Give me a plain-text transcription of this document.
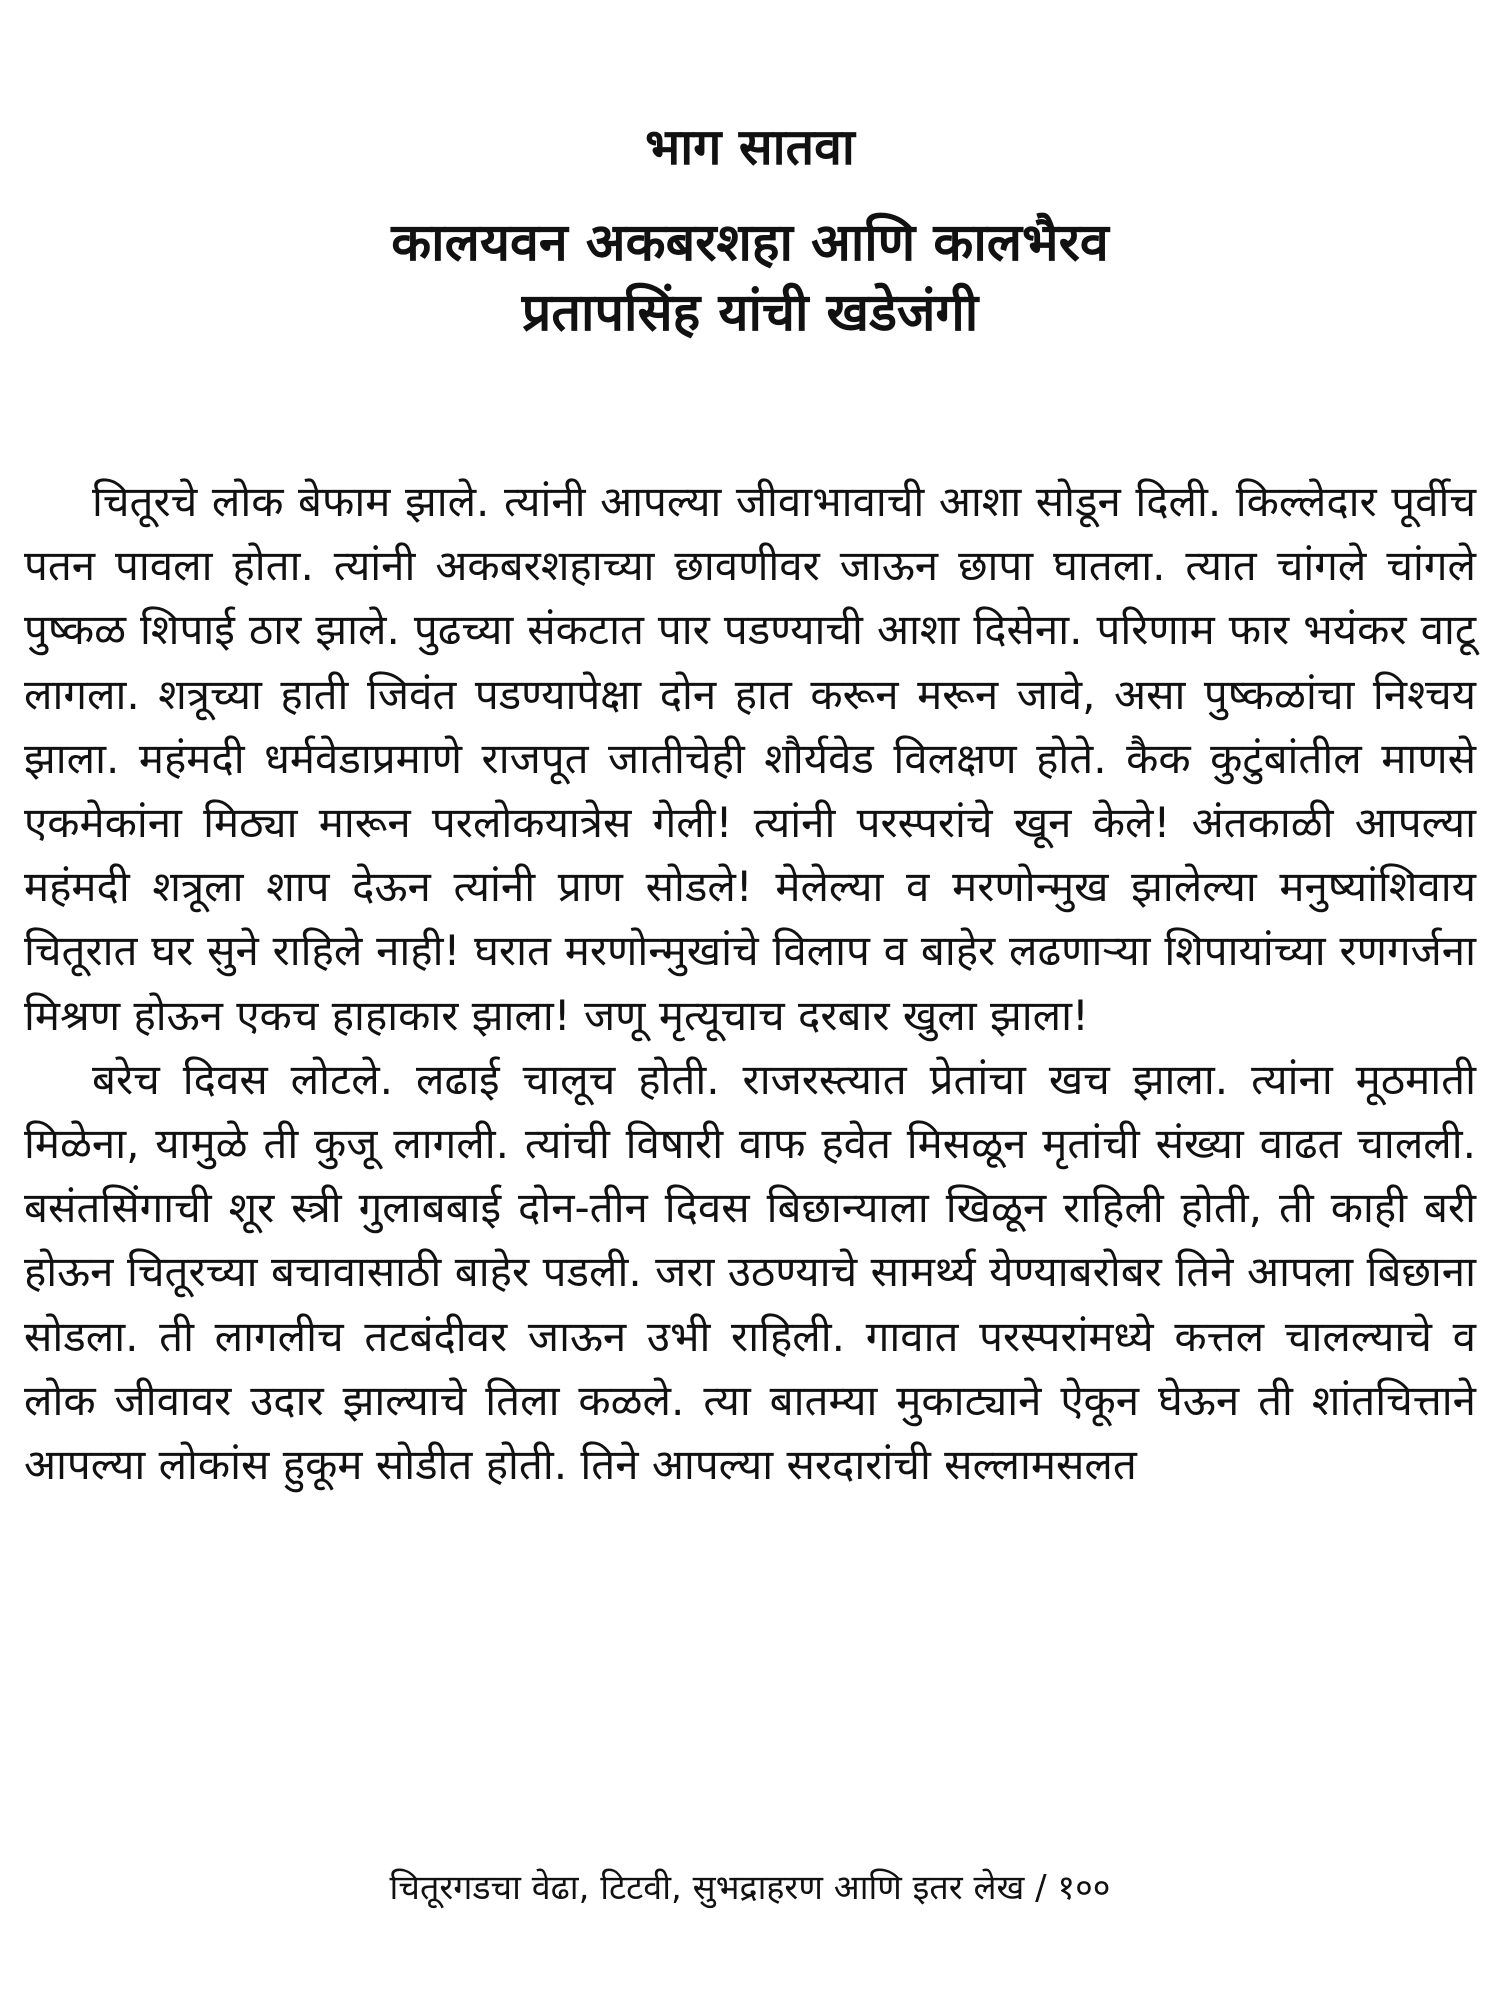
भाग सातवा
कालयवन अकबरशहा आणि कालभैरव
प्रतापसिंह यांची खडेजंगी

चितूरचे लोक बेफाम झाले. त्यांनी आपल्या जीवाभावाची आशा सोडून दिली. किल्लेदार पूर्वीच पतन पावला होता. त्यांनी अकबरशहाच्या छावणीवर जाऊन छापा घातला. त्यात चांगले चांगले पुष्कळ शिपाई ठार झाले. पुढच्या संकटात पार पडण्याची आशा दिसेना. परिणाम फार भयंकर वाटू लागला. शत्रूच्या हाती जिवंत पडण्यापेक्षा दोन हात करून मरून जावे, असा पुष्कळांचा निश्चय झाला. महंमदी धर्मवेडाप्रमाणे राजपूत जातीचेही शौर्यवेड विलक्षण होते. कैक कुटुंबांतील माणसे एकमेकांना मिठ्या मारून परलोकयात्रेस गेली! त्यांनी परस्परांचे खून केले! अंतकाळी आपल्या महंमदी शत्रूला शाप देऊन त्यांनी प्राण सोडले! मेलेल्या व मरणोन्मुख झालेल्या मनुष्यांशिवाय चितूरात घर सुने राहिले नाही! घरात मरणोन्मुखांचे विलाप व बाहेर लढणाऱ्या शिपायांच्या रणगर्जना मिश्रण होऊन एकच हाहाकार झाला! जणू मृत्यूचाच दरबार खुला झाला!

बरेच दिवस लोटले. लढाई चालूच होती. राजरस्त्यात प्रेतांचा खच झाला. त्यांना मूठमाती मिळेना, यामुळे ती कुजू लागली. त्यांची विषारी वाफ हवेत मिसळून मृतांची संख्या वाढत चालली. बसंतसिंगाची शूर स्त्री गुलाबबाई दोन-तीन दिवस बिछान्याला खिळून राहिली होती, ती काही बरी होऊन चितूरच्या बचावासाठी बाहेर पडली. जरा उठण्याचे सामर्थ्य येण्याबरोबर तिने आपला बिछाना सोडला. ती लागलीच तटबंदीवर जाऊन उभी राहिली. गावात परस्परांमध्ये कत्तल चालल्याचे व लोक जीवावर उदार झाल्याचे तिला कळले. त्या बातम्या मुकाट्याने ऐकून घेऊन ती शांतचित्ताने आपल्या लोकांस हुकूम सोडीत होती. तिने आपल्या सरदारांची सल्लामसलत

चितूरगडचा वेढा, टिटवी, सुभद्राहरण आणि इतर लेख / १००
